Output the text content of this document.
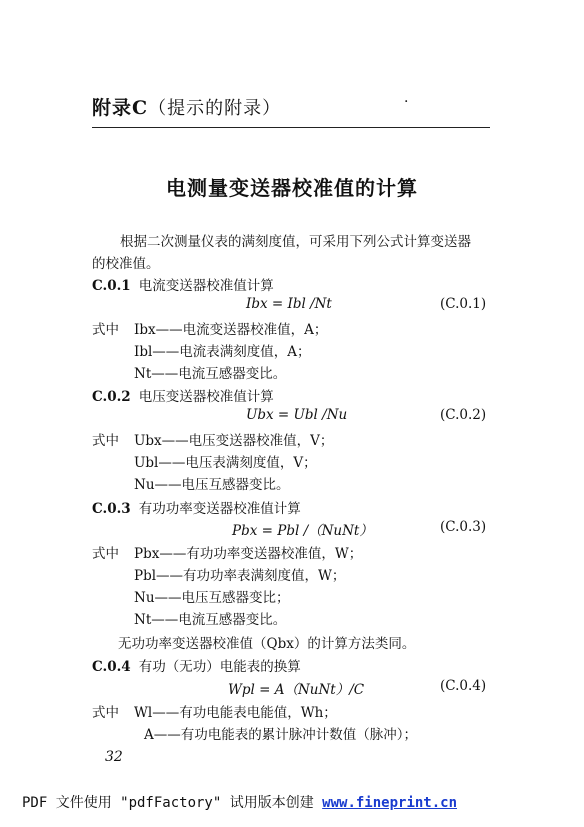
附录C（提示的附录）	·
电测量变送器校准值的计算
根据二次测量仪表的满刻度值，可采用下列公式计算变送器
的校准值。
C.0.1 电流变送器校准值计算
Ibx = Ibl /Nt	(C.0.1)
式中 Ibx——电流变送器校准值，A；
Ibl——电流表满刻度值，A；
Nt——电流互感器变比。
C.0.2 电压变送器校准值计算
Ubx = Ubl /Nu	(C.0.2)
式中 Ubx——电压变送器校准值，V；
Ubl——电压表满刻度值，V；
Nu——电压互感器变比。
C.0.3 有功功率变送器校准值计算
Pbx = Pbl /（NuNt）	(C.0.3)
式中 Pbx——有功功率变送器校准值，W；
Pbl——有功功率表满刻度值，W；
Nu——电压互感器变比；
Nt——电流互感器变比。
无功功率变送器校准值（Qbx）的计算方法类同。
C.0.4 有功（无功）电能表的换算
Wpl = A（NuNt）/C	(C.0.4)
式中 Wl——有功电能表电能值，Wh；
A——有功电能表的累计脉冲计数值（脉冲）；
32
PDF 文件使用 "pdfFactory" 试用版本创建 www.fineprint.cn
